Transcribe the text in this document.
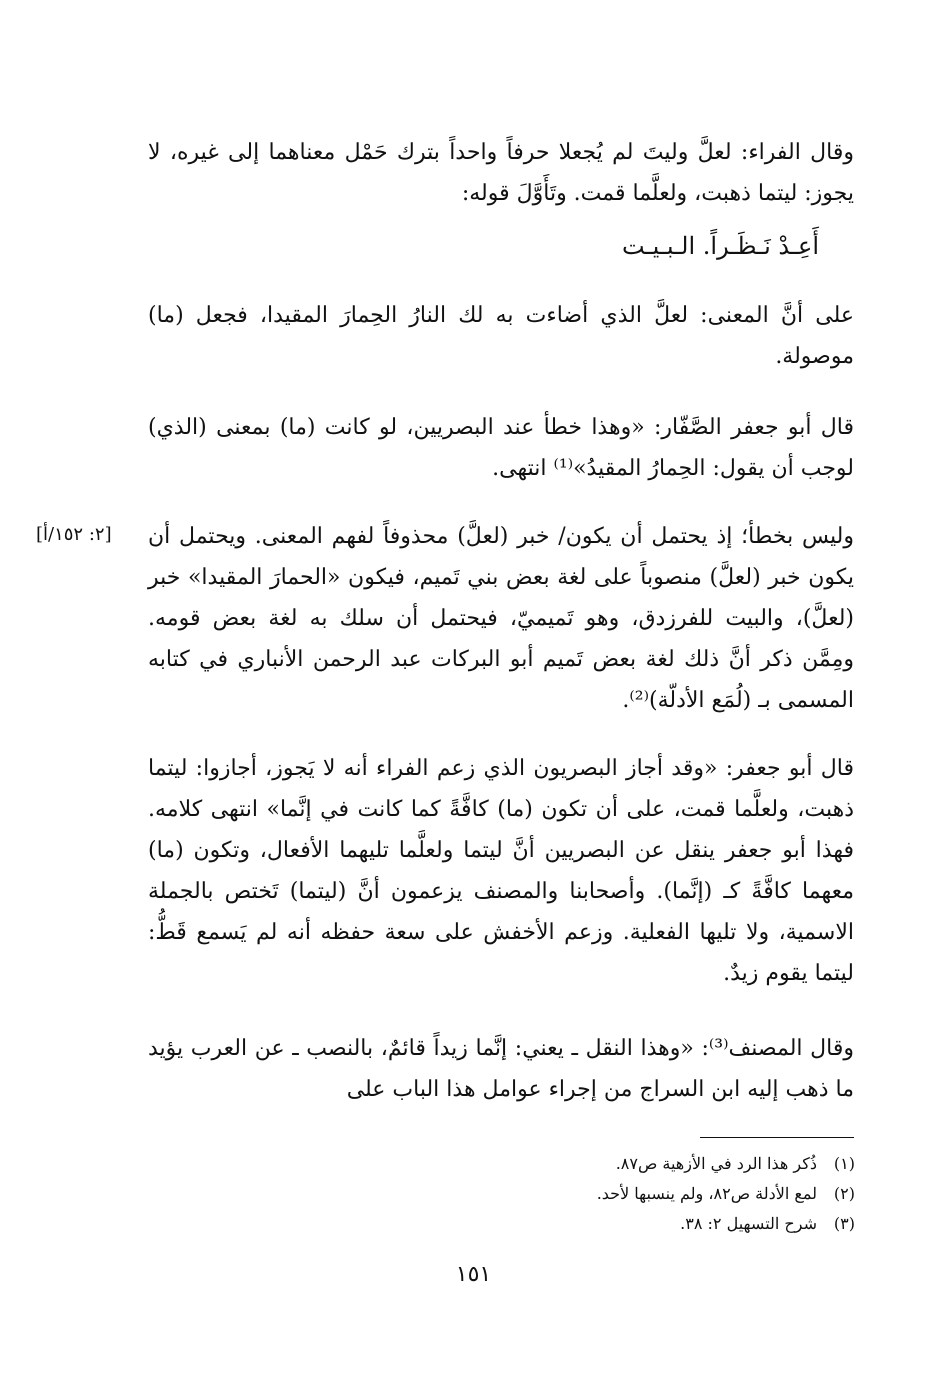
وقال الفراء: لعلَّ وليتَ لم يُجعلا حرفاً واحداً بترك حَمْل معناهما إلى غيره، لا يجوز: ليتما ذهبت، ولعلَّما قمت. وتَأَوَّلَ قوله:

أَعِـدْ نَـظَـراً. الـبـيـت

على أنَّ المعنى: لعلَّ الذي أضاءت به لك النارُ الحِمارَ المقيدا، فجعل (ما) موصولة.

قال أبو جعفر الصَّفّار: «وهذا خطأ عند البصريين، لو كانت (ما) بمعنى (الذي) لوجب أن يقول: الحِمارُ المقيدُ»⁽¹⁾ انتهى.

وليس بخطأ؛ إذ يحتمل أن يكون/ خبر (لعلَّ) محذوفاً لفهم المعنى. ويحتمل أن يكون خبر (لعلَّ) منصوباً على لغة بعض بني تَميم، فيكون «الحمارَ المقيدا» خبر (لعلَّ)، والبيت للفرزدق، وهو تَميميّ، فيحتمل أن سلك به لغة بعض قومه. ومِمَّن ذكر أنَّ ذلك لغة بعض تَميم أبو البركات عبد الرحمن الأنباري في كتابه المسمى بـ (لُمَع الأدلّة)⁽²⁾.

[٢: ١٥٢/أ]

قال أبو جعفر: «وقد أجاز البصريون الذي زعم الفراء أنه لا يَجوز، أجازوا: ليتما ذهبت، ولعلَّما قمت، على أن تكون (ما) كافَّةً كما كانت في إنَّما» انتهى كلامه. فهذا أبو جعفر ينقل عن البصريين أنَّ ليتما ولعلَّما تليهما الأفعال، وتكون (ما) معهما كافَّةً كـ (إنَّما). وأصحابنا والمصنف يزعمون أنَّ (ليتما) تَختص بالجملة الاسمية، ولا تليها الفعلية. وزعم الأخفش على سعة حفظه أنه لم يَسمع قَطُّ: ليتما يقوم زيدٌ.

وقال المصنف⁽³⁾: «وهذا النقل ـ يعني: إنَّما زيداً قائمٌ، بالنصب ـ عن العرب يؤيد ما ذهب إليه ابن السراج من إجراء عوامل هذا الباب على

(١)ذُكر هذا الرد في الأزهية ص٨٧.
(٢)لمع الأدلة ص٨٢، ولم ينسبها لأحد.
(٣)شرح التسهيل ٢: ٣٨.
١٥١
